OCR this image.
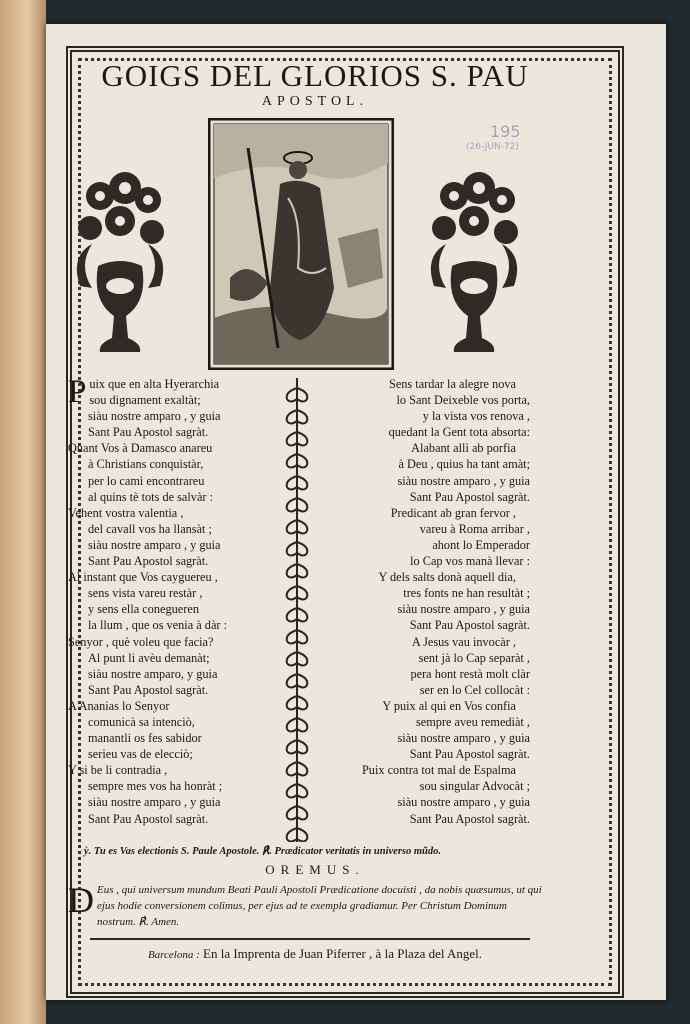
GOIGS DEL GLORIOS S. PAU
APOSTOL.
195
(26-JUN-72)
P uix que en alta Hyerarchia
sou dignament exaltàt;
siàu nostre amparo , y guia
Sant Pau Apostol sagràt.
Quant Vos à Damasco anareu
à Christians conquistàr,
per lo camì encontrareu
al quins tè tots de salvàr :
Vehent vostra valentia ,
del cavall vos ha llansàt ;
siàu nostre amparo , y guia
Sant Pau Apostol sagràt.
Al instant que Vos cayguereu ,
sens vista vareu restàr ,
y sens ella conegueren
la llum , que os venia à dàr :
Senyor , què voleu que facia?
Al punt li avèu demanàt;
siàu nostre amparo, y guia
Sant Pau Apostol sagràt.
A Ananias lo Senyor
comunicà sa intenciò,
manantli os fes sabidor
serieu vas de elecciò;
Y si be li contradia ,
sempre mes vos ha honràt ;
siàu nostre amparo , y guia
Sant Pau Apostol sagràt.
Sens tardar la alegre nova
lo Sant Deixeble vos porta,
y la vista vos renova ,
quedant la Gent tota absorta:
Alabant allì ab porfia
à Deu , quius ha tant amàt;
siàu nostre amparo , y guia
Sant Pau Apostol sagràt.
Predicant ab gran fervor ,
vareu à Roma arribar ,
ahont lo Emperador
lo Cap vos manà llevar :
Y dels salts donà aquell dia,
tres fonts ne han resultàt ;
siàu nostre amparo , y guia
Sant Pau Apostol sagràt.
A Jesus vau invocàr ,
sent jà lo Cap separàt ,
pera hont restà molt clàr
ser en lo Cel collocàt :
Y puix al qui en Vos confia
sempre aveu remediàt ,
siàu nostre amparo , y guia
Sant Pau Apostol sagràt.
Puix contra tot mal de Espalma
sou singular Advocàt ;
siàu nostre amparo , y guia
Sant Pau Apostol sagràt.
ỳ. Tu es Vas electionis S. Paule Apostole. ℟. Prædicator veritatis in universo mũdo.
OREMUS.
D Eus , qui universum mundum Beati Pauli Apostoli Prædicatione docuisti , da nobis quæsumus, ut qui ejus hodie conversionem colimus, per ejus ad te exempla gradiamur. Per Christum Dominum nostrum. ℟. Amen.
Barcelona : En la Imprenta de Juan Piferrer , à la Plaza del Angel.
